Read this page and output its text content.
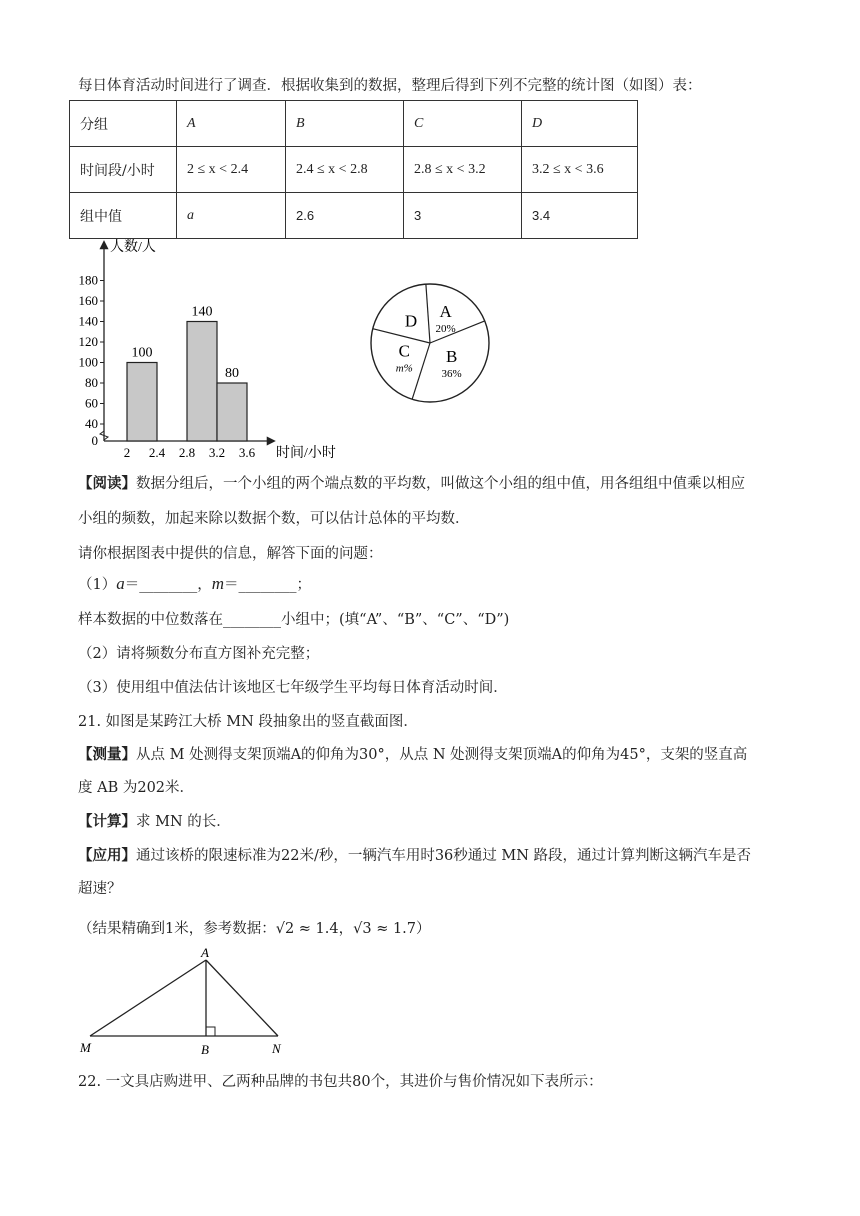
每日体育活动时间进行了调查．根据收集到的数据，整理后得到下列不完整的统计图（如图）表：
分组	A	B	C	D
时间段/小时	2 ≤ x < 2.4	2.4 ≤ x < 2.8	2.8 ≤ x < 3.2	3.2 ≤ x < 3.6
组中值	a	2.6	3	3.4
人数/人
时间/小时
0
40
60
80
100
120
140
160
180
2 2.4 2.8 3.2 3.6
100
140
80
A
20%
B
36%
C
m%
D
【阅读】数据分组后，一个小组的两个端点数的平均数，叫做这个小组的组中值，用各组组中值乘以相应
小组的频数，加起来除以数据个数，可以估计总体的平均数．
请你根据图表中提供的信息，解答下面的问题：
（1）a＝________，m＝________；
样本数据的中位数落在________小组中；(填“A”、“B”、“C”、“D”)
（2）请将频数分布直方图补充完整；
（3）使用组中值法估计该地区七年级学生平均每日体育活动时间．
21. 如图是某跨江大桥 MN 段抽象出的竖直截面图．
【测量】从点 M 处测得支架顶端A的仰角为30°，从点 N 处测得支架顶端A的仰角为45°，支架的竖直高
度 AB 为202米．
【计算】求 MN 的长．
【应用】通过该桥的限速标准为22米/秒，一辆汽车用时36秒通过 MN 路段，通过计算判断这辆汽车是否
超速？
（结果精确到1米，参考数据：√2 ≈ 1.4，√3 ≈ 1.7）
A
M	B	N
22. 一文具店购进甲、乙两种品牌的书包共80个，其进价与售价情况如下表所示：
